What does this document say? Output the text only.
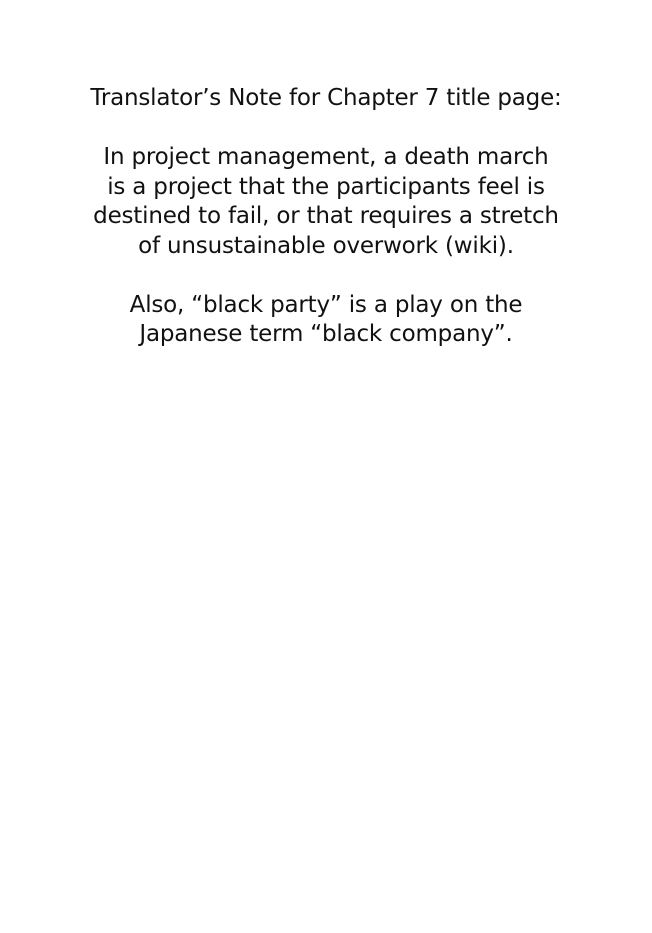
Translator’s Note for Chapter 7 title page:

In project management, a death march
is a project that the participants feel is
destined to fail, or that requires a stretch
of unsustainable overwork (wiki).

Also, “black party” is a play on the
Japanese term “black company”.
